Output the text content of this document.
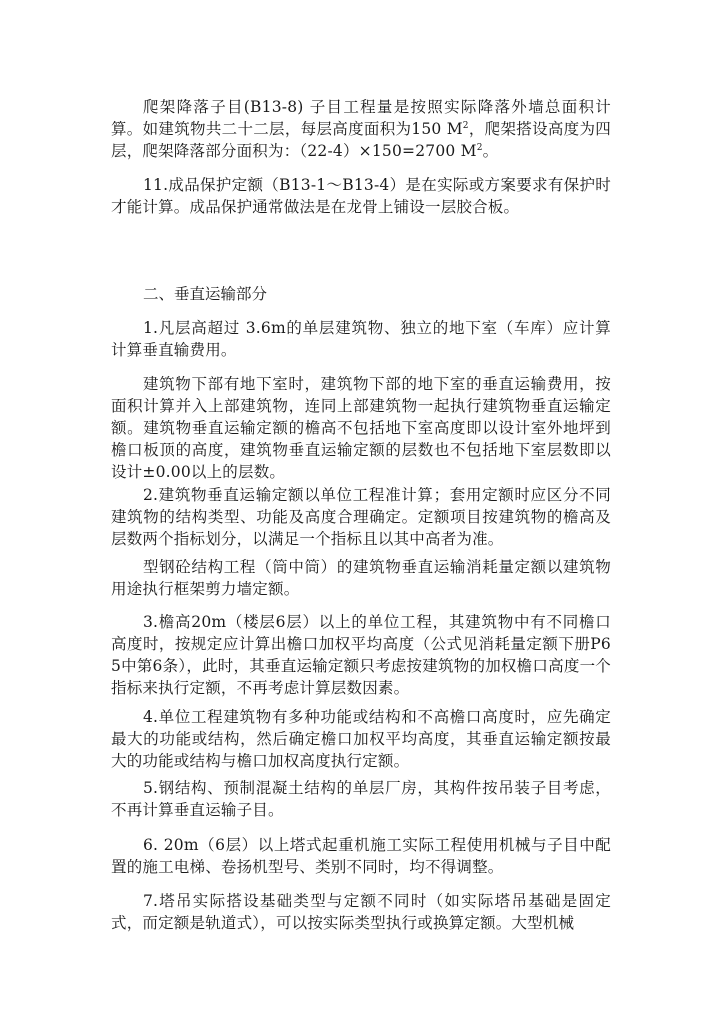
爬架降落子目(B13-8) 子目工程量是按照实际降落外墙总面积计算。如建筑物共二十二层，每层高度面积为150 $M^2$，爬架搭设高度为四层，爬架降落部分面积为：（22-4）×150=2700 $M^2$。

11.成品保护定额（B13-1～B13-4）是在实际或方案要求有保护时才能计算。成品保护通常做法是在龙骨上铺设一层胶合板。

二、垂直运输部分

1.凡层高超过 3.6m的单层建筑物、独立的地下室（车库）应计算计算垂直输费用。

建筑物下部有地下室时，建筑物下部的地下室的垂直运输费用，按面积计算并入上部建筑物，连同上部建筑物一起执行建筑物垂直运输定额。建筑物垂直运输定额的檐高不包括地下室高度即以设计室外地坪到檐口板顶的高度，建筑物垂直运输定额的层数也不包括地下室层数即以设计±0.00以上的层数。

2.建筑物垂直运输定额以单位工程准计算；套用定额时应区分不同建筑物的结构类型、功能及高度合理确定。定额项目按建筑物的檐高及层数两个指标划分，以满足一个指标且以其中高者为准。

型钢砼结构工程（筒中筒）的建筑物垂直运输消耗量定额以建筑物用途执行框架剪力墙定额。

3.檐高20m（楼层6层）以上的单位工程，其建筑物中有不同檐口高度时，按规定应计算出檐口加权平均高度（公式见消耗量定额下册P65中第6条），此时，其垂直运输定额只考虑按建筑物的加权檐口高度一个指标来执行定额，不再考虑计算层数因素。

4.单位工程建筑物有多种功能或结构和不高檐口高度时，应先确定最大的功能或结构，然后确定檐口加权平均高度，其垂直运输定额按最大的功能或结构与檐口加权高度执行定额。

5.钢结构、预制混凝土结构的单层厂房，其构件按吊装子目考虑，不再计算垂直运输子目。

6. 20m（6层）以上塔式起重机施工实际工程使用机械与子目中配置的施工电梯、卷扬机型号、类别不同时，均不得调整。

7.塔吊实际搭设基础类型与定额不同时（如实际塔吊基础是固定式，而定额是轨道式），可以按实际类型执行或换算定额。大型机械
